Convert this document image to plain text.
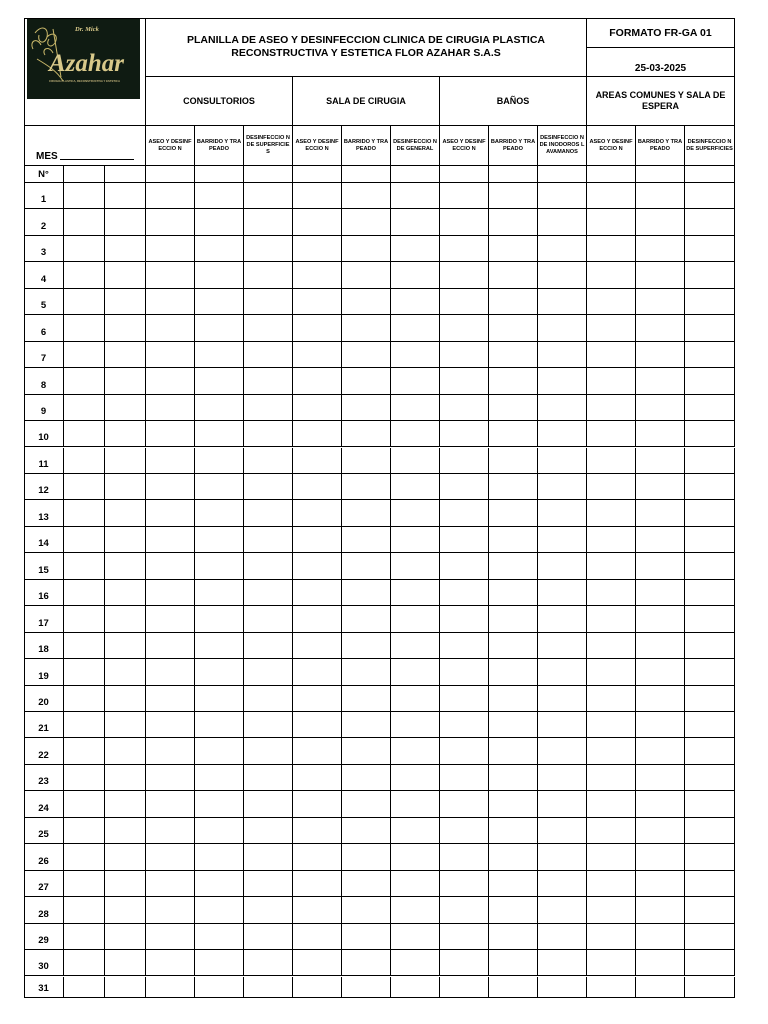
Dr. Mick
Azahar
CIRUGIA PLASTICA, RECONSTRUCTIVA Y ESTETICA
PLANILLA DE ASEO Y DESINFECCION CLINICA DE CIRUGIA PLASTICA RECONSTRUCTIVA Y ESTETICA FLOR AZAHAR S.A.S
FORMATO FR-GA 01
25-03-2025
CONSULTORIOS	SALA DE CIRUGIA	BAÑOS
AREAS COMUNES Y SALA DE ESPERA
MES
ASEO Y DESINFECCIO N
BARRIDO Y TRAPEADO
DESINFECCIO N DE SUPERFICIES
ASEO Y DESINFECCIO N
BARRIDO Y TRAPEADO
DESINFECCIO N DE GENERAL
ASEO Y DESINFECCIO N
BARRIDO Y TRAPEADO
DESINFECCIO N DE INODOROS LAVAMANOS
ASEO Y DESINFECCIO N
BARRIDO Y TRAPEADO
DESINFECCIO N DE SUPERFICIES
N°
1
2
3
4
5
6
7
8
9
10
11
12
13
14
15
16
17
18
19
20
21
22
23
24
25
26
27
28
29
30
31
